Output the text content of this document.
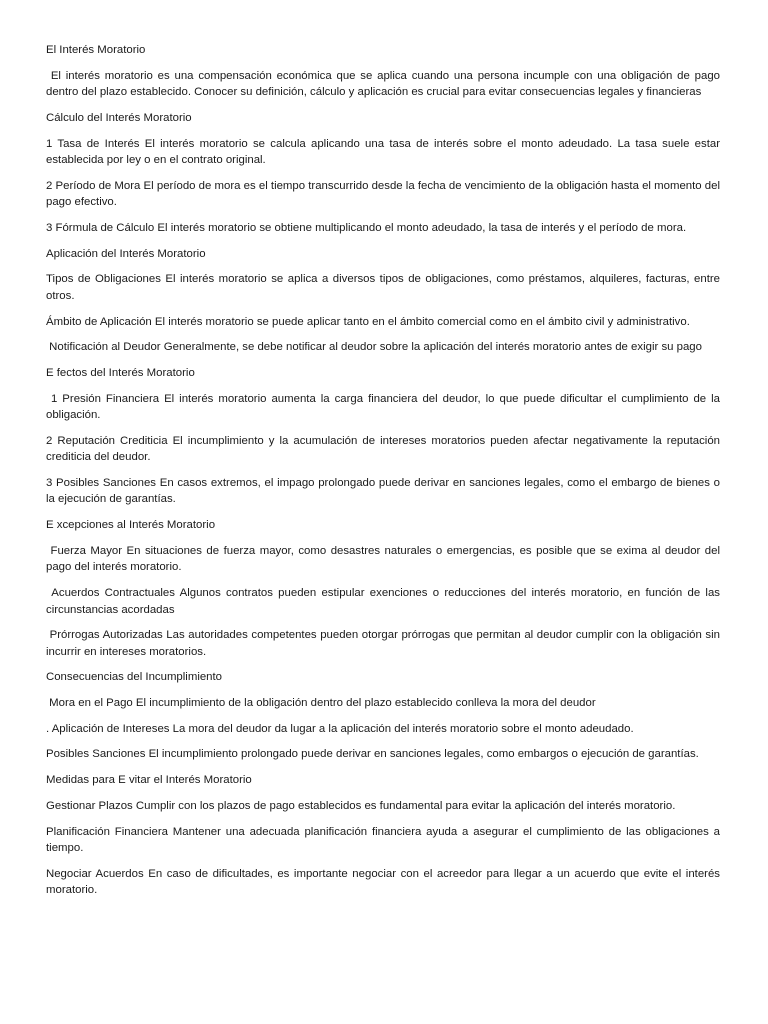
El Interés Moratorio

El interés moratorio es una compensación económica que se aplica cuando una persona incumple con una obligación de pago dentro del plazo establecido. Conocer su definición, cálculo y aplicación es crucial para evitar consecuencias legales y financieras

Cálculo del Interés Moratorio

1 Tasa de Interés El interés moratorio se calcula aplicando una tasa de interés sobre el monto adeudado. La tasa suele estar establecida por ley o en el contrato original.

2 Período de Mora El período de mora es el tiempo transcurrido desde la fecha de vencimiento de la obligación hasta el momento del pago efectivo.

3 Fórmula de Cálculo El interés moratorio se obtiene multiplicando el monto adeudado, la tasa de interés y el período de mora.

Aplicación del Interés Moratorio

Tipos de Obligaciones El interés moratorio se aplica a diversos tipos de obligaciones, como préstamos, alquileres, facturas, entre otros.

Ámbito de Aplicación El interés moratorio se puede aplicar tanto en el ámbito comercial como en el ámbito civil y administrativo.

Notificación al Deudor Generalmente, se debe notificar al deudor sobre la aplicación del interés moratorio antes de exigir su pago

E fectos del Interés Moratorio

1 Presión Financiera El interés moratorio aumenta la carga financiera del deudor, lo que puede dificultar el cumplimiento de la obligación.

2 Reputación Crediticia El incumplimiento y la acumulación de intereses moratorios pueden afectar negativamente la reputación crediticia del deudor.

3 Posibles Sanciones En casos extremos, el impago prolongado puede derivar en sanciones legales, como el embargo de bienes o la ejecución de garantías.

E xcepciones al Interés Moratorio

Fuerza Mayor En situaciones de fuerza mayor, como desastres naturales o emergencias, es posible que se exima al deudor del pago del interés moratorio.

Acuerdos Contractuales Algunos contratos pueden estipular exenciones o reducciones del interés moratorio, en función de las circunstancias acordadas

Prórrogas Autorizadas Las autoridades competentes pueden otorgar prórrogas que permitan al deudor cumplir con la obligación sin incurrir en intereses moratorios.

Consecuencias del Incumplimiento

Mora en el Pago El incumplimiento de la obligación dentro del plazo establecido conlleva la mora del deudor

. Aplicación de Intereses La mora del deudor da lugar a la aplicación del interés moratorio sobre el monto adeudado.

Posibles Sanciones El incumplimiento prolongado puede derivar en sanciones legales, como embargos o ejecución de garantías.

Medidas para E vitar el Interés Moratorio

Gestionar Plazos Cumplir con los plazos de pago establecidos es fundamental para evitar la aplicación del interés moratorio.

Planificación Financiera Mantener una adecuada planificación financiera ayuda a asegurar el cumplimiento de las obligaciones a tiempo.

Negociar Acuerdos En caso de dificultades, es importante negociar con el acreedor para llegar a un acuerdo que evite el interés moratorio.
